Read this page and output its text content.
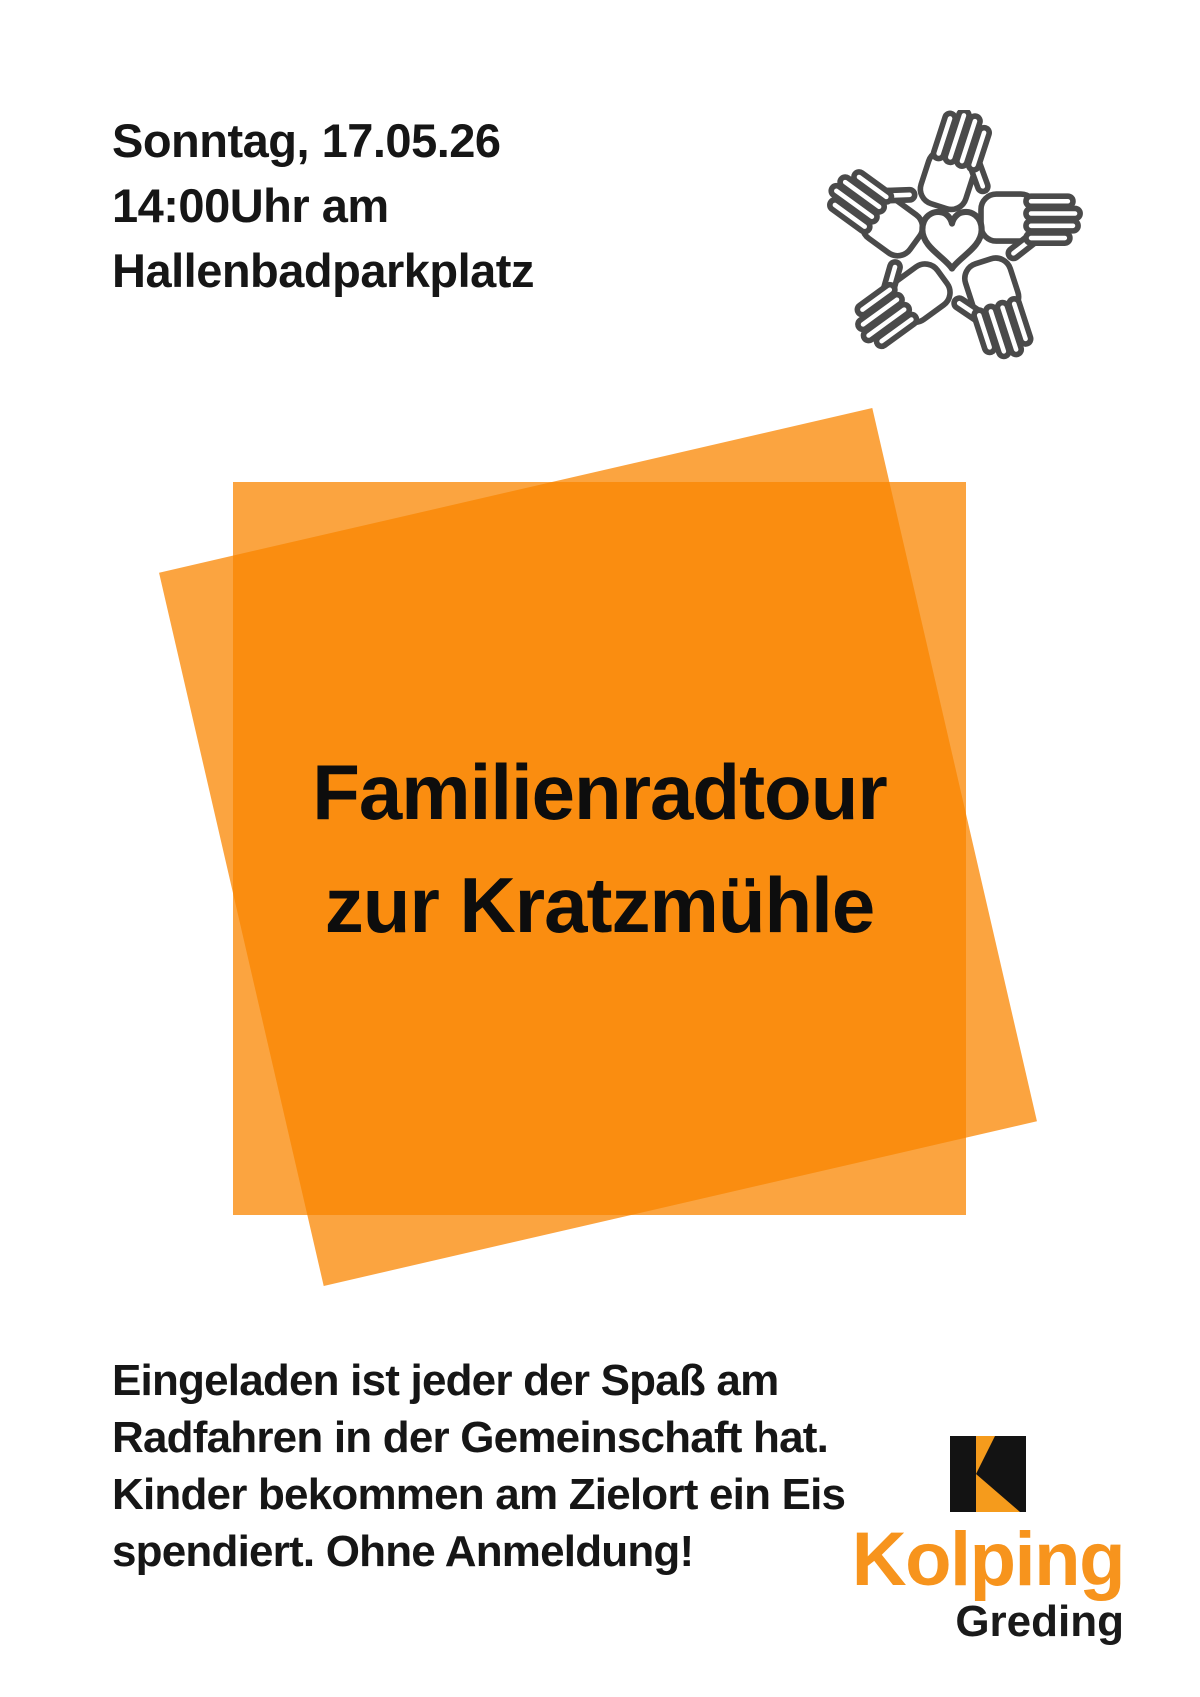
Sonntag, 17.05.26
14:00Uhr am
Hallenbadparkplatz
Familienradtour
zur Kratzmühle
Eingeladen ist jeder der Spaß am
Radfahren in der Gemeinschaft hat.
Kinder bekommen am Zielort ein Eis
spendiert. Ohne Anmeldung!	Kolping
Greding
